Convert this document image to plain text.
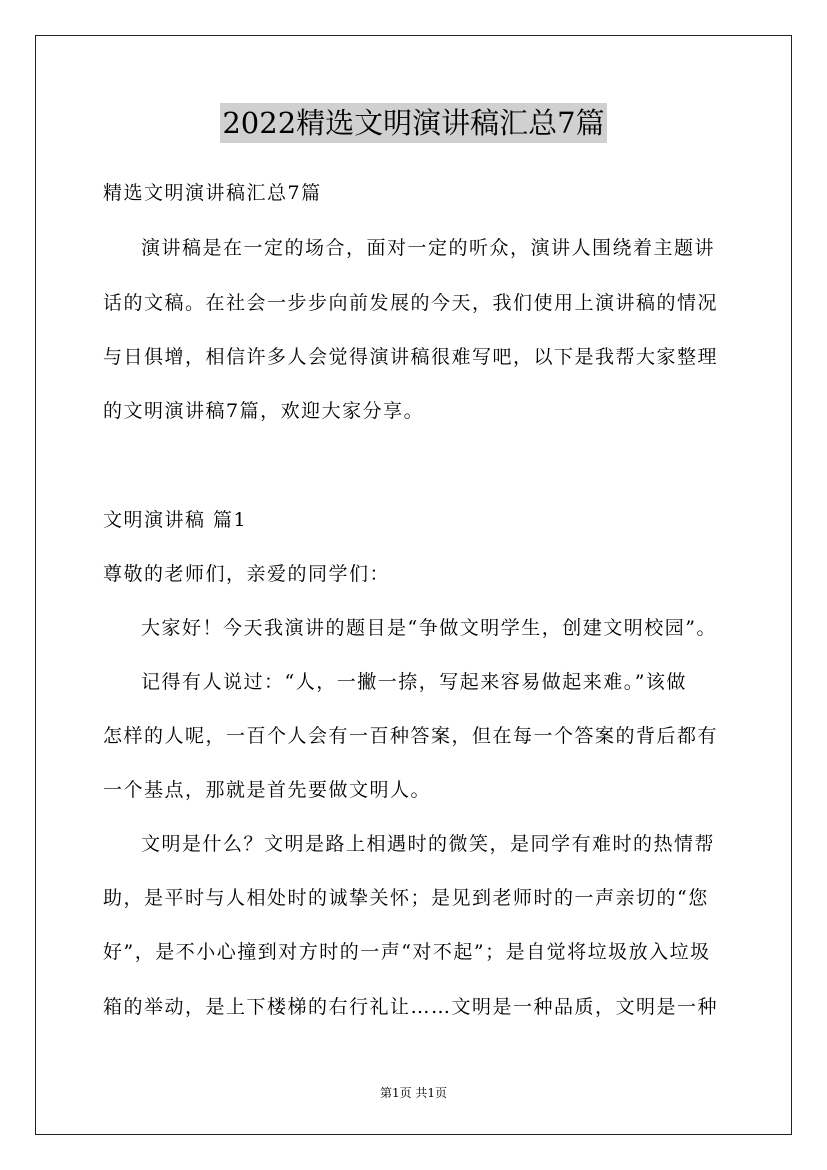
2022精选文明演讲稿汇总7篇
精选文明演讲稿汇总7篇
演讲稿是在一定的场合，面对一定的听众，演讲人围绕着主题讲
话的文稿。在社会一步步向前发展的今天，我们使用上演讲稿的情况
与日俱增，相信许多人会觉得演讲稿很难写吧，以下是我帮大家整理
的文明演讲稿7篇，欢迎大家分享。
文明演讲稿 篇1
尊敬的老师们，亲爱的同学们：
大家好！今天我演讲的题目是“争做文明学生，创建文明校园”。
记得有人说过：“人，一撇一捺，写起来容易做起来难。”该做
怎样的人呢，一百个人会有一百种答案，但在每一个答案的背后都有
一个基点，那就是首先要做文明人。
文明是什么？文明是路上相遇时的微笑，是同学有难时的热情帮
助，是平时与人相处时的诚挚关怀；是见到老师时的一声亲切的“您
好”，是不小心撞到对方时的一声“对不起”；是自觉将垃圾放入垃圾
箱的举动，是上下楼梯的右行礼让……文明是一种品质，文明是一种
第1页 共1页
